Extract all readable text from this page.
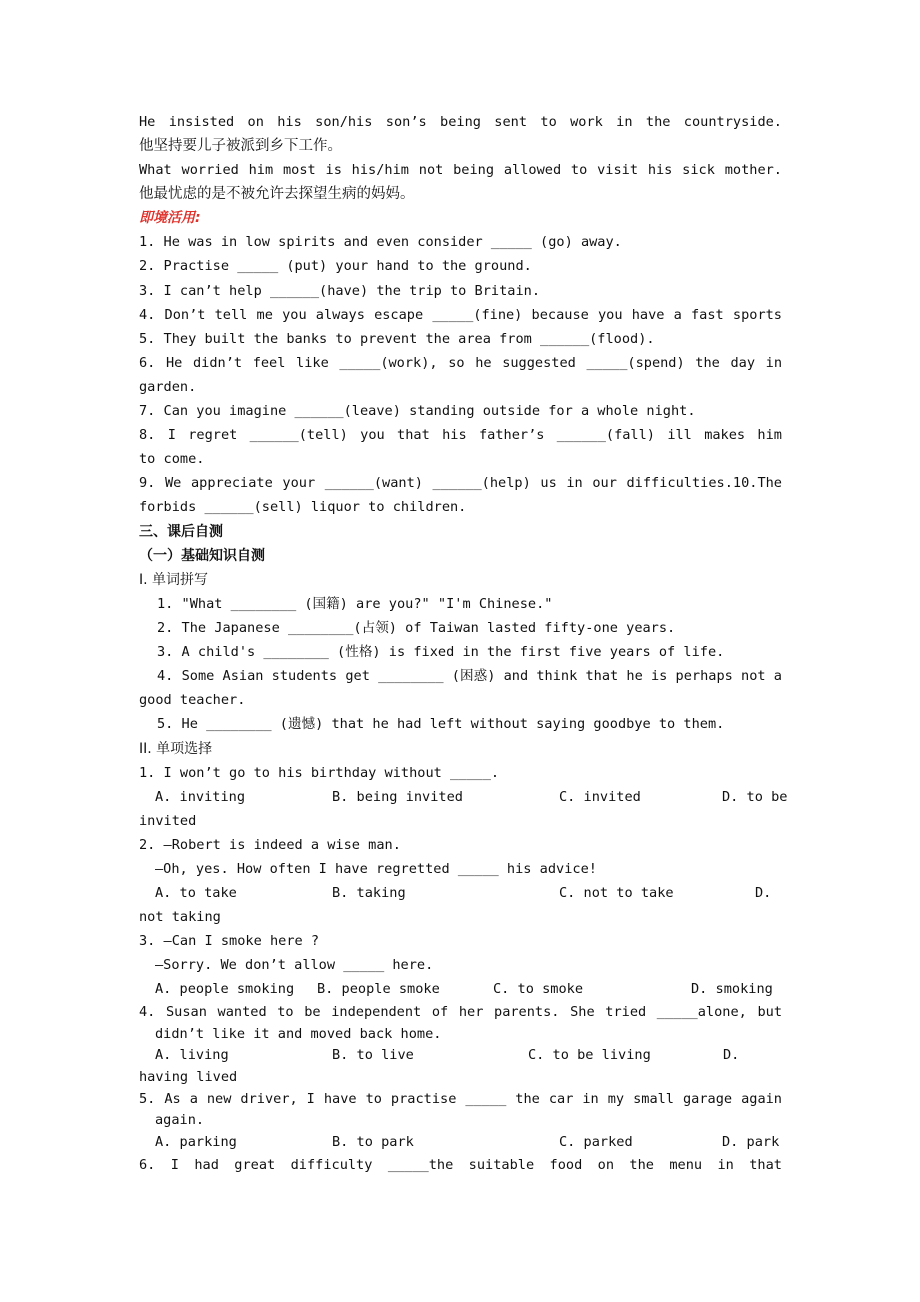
He insisted on his son/his son’s being sent to work in the countryside.
他坚持要儿子被派到乡下工作。
What worried him most is his/him not being allowed to visit his sick mother.
他最忧虑的是不被允许去探望生病的妈妈。
即境活用:
1. He was in low spirits and even consider _____ (go) away.
2. Practise _____ (put) your hand to the ground.
3. I can’t help ______(have) the trip to Britain.
4. Don’t tell me you always escape _____(fine) because you have a fast sports
5. They built the banks to prevent the area from ______(flood).
6. He didn’t feel like _____(work), so he suggested _____(spend) the day in
garden.
7. Can you imagine ______(leave) standing outside for a whole night.
8. I regret ______(tell) you that his father’s ______(fall) ill makes him
to come.
9. We appreciate your ______(want) ______(help) us in our difficulties.10.The
forbids ______(sell) liquor to children.
三、课后自测
（一）基础知识自测
I. 单词拼写
1. "What ________ (国籍) are you?" "I'm Chinese."
2. The Japanese ________(占领) of Taiwan lasted fifty-one years.
3. A child's ________ (性格) is fixed in the first five years of life.
4. Some Asian students get ________ (困惑) and think that he is perhaps not a
good teacher.
5. He ________ (遗憾) that he had left without saying goodbye to them.
II. 单项选择
1. I won’t go to his birthday without _____.

A. inviting

	B. being invited

	C. invited

	D. to be

invited
2. —Robert is indeed a wise man.
—Oh, yes. How often I have regretted _____ his advice!

A. to take

	B. taking

	C. not to take

	D.

not taking
3. —Can I smoke here ?
—Sorry. We don’t allow _____ here.

A. people smoking

B. people smoke

	C. to smoke

	D. smoking

4. Susan wanted to be independent of her parents. She tried _____alone, but
didn’t like it and moved back home.

A. living

	B. to live

	C. to be living

	D.

having lived
5. As a new driver, I have to practise _____ the car in my small garage again
again.

A. parking

	B. to park

	C. parked

	D. park

6. I had great difficulty _____the suitable food on the menu in that
